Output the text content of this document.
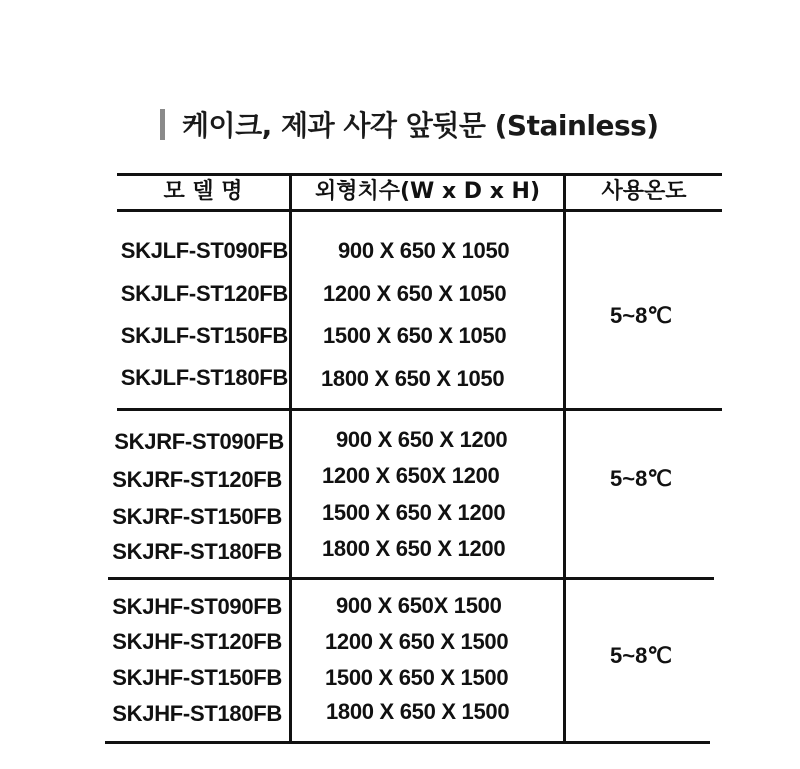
케이크, 제과 사각 앞뒷문 (Stainless)
모 델 명	외형치수(W x D x H)	사용온도
SKJLF-ST090FB 900 X 650 X 1050
SKJLF-ST120FB 1200 X 650 X 1050
SKJLF-ST150FB 1500 X 650 X 1050
SKJLF-ST180FB 1800 X 650 X 1050
5~8℃
SKJRF-ST090FB 900 X 650 X 1200
SKJRF-ST120FB 1200 X 650X 1200
SKJRF-ST150FB 1500 X 650 X 1200
SKJRF-ST180FB 1800 X 650 X 1200
5~8℃
SKJHF-ST090FB 900 X 650X 1500
SKJHF-ST120FB 1200 X 650 X 1500
SKJHF-ST150FB 1500 X 650 X 1500
SKJHF-ST180FB 1800 X 650 X 1500
5~8℃
